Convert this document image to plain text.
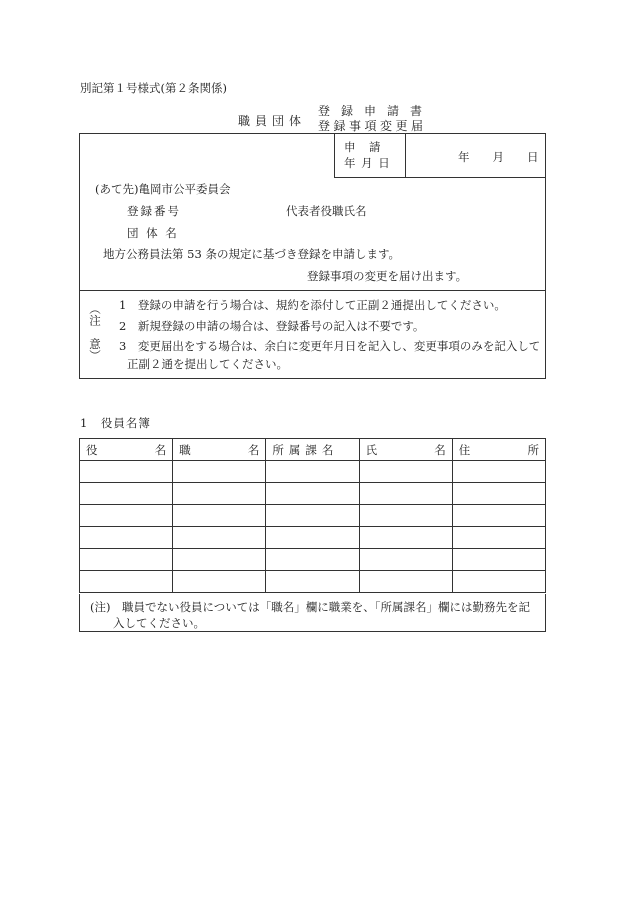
別記第１号様式(第２条関係)
職員団体
登録申請書
登録事項変更届
申　請
年 月 日	年　　月　　日
(あて先)亀岡市公平委員会
登録番号	代表者役職氏名
団 体 名
地方公務員法第 53 条の規定に基づき登録を申請します。
登録事項の変更を届け出ます。
︵注
意︶
1　登録の申請を行う場合は、規約を添付して正副２通提出してください。
2　新規登録の申請の場合は、登録番号の記入は不要です。
3　変更届出をする場合は、余白に変更年月日を記入し、変更事項のみを記入して
正副２通を提出してください。
1　役員名簿
役 名	職 名	所属課名	氏 名	住 所

(注)　職員でない役員については「職名」欄に職業を、「所属課名」欄には勤務先を記
入してください。
